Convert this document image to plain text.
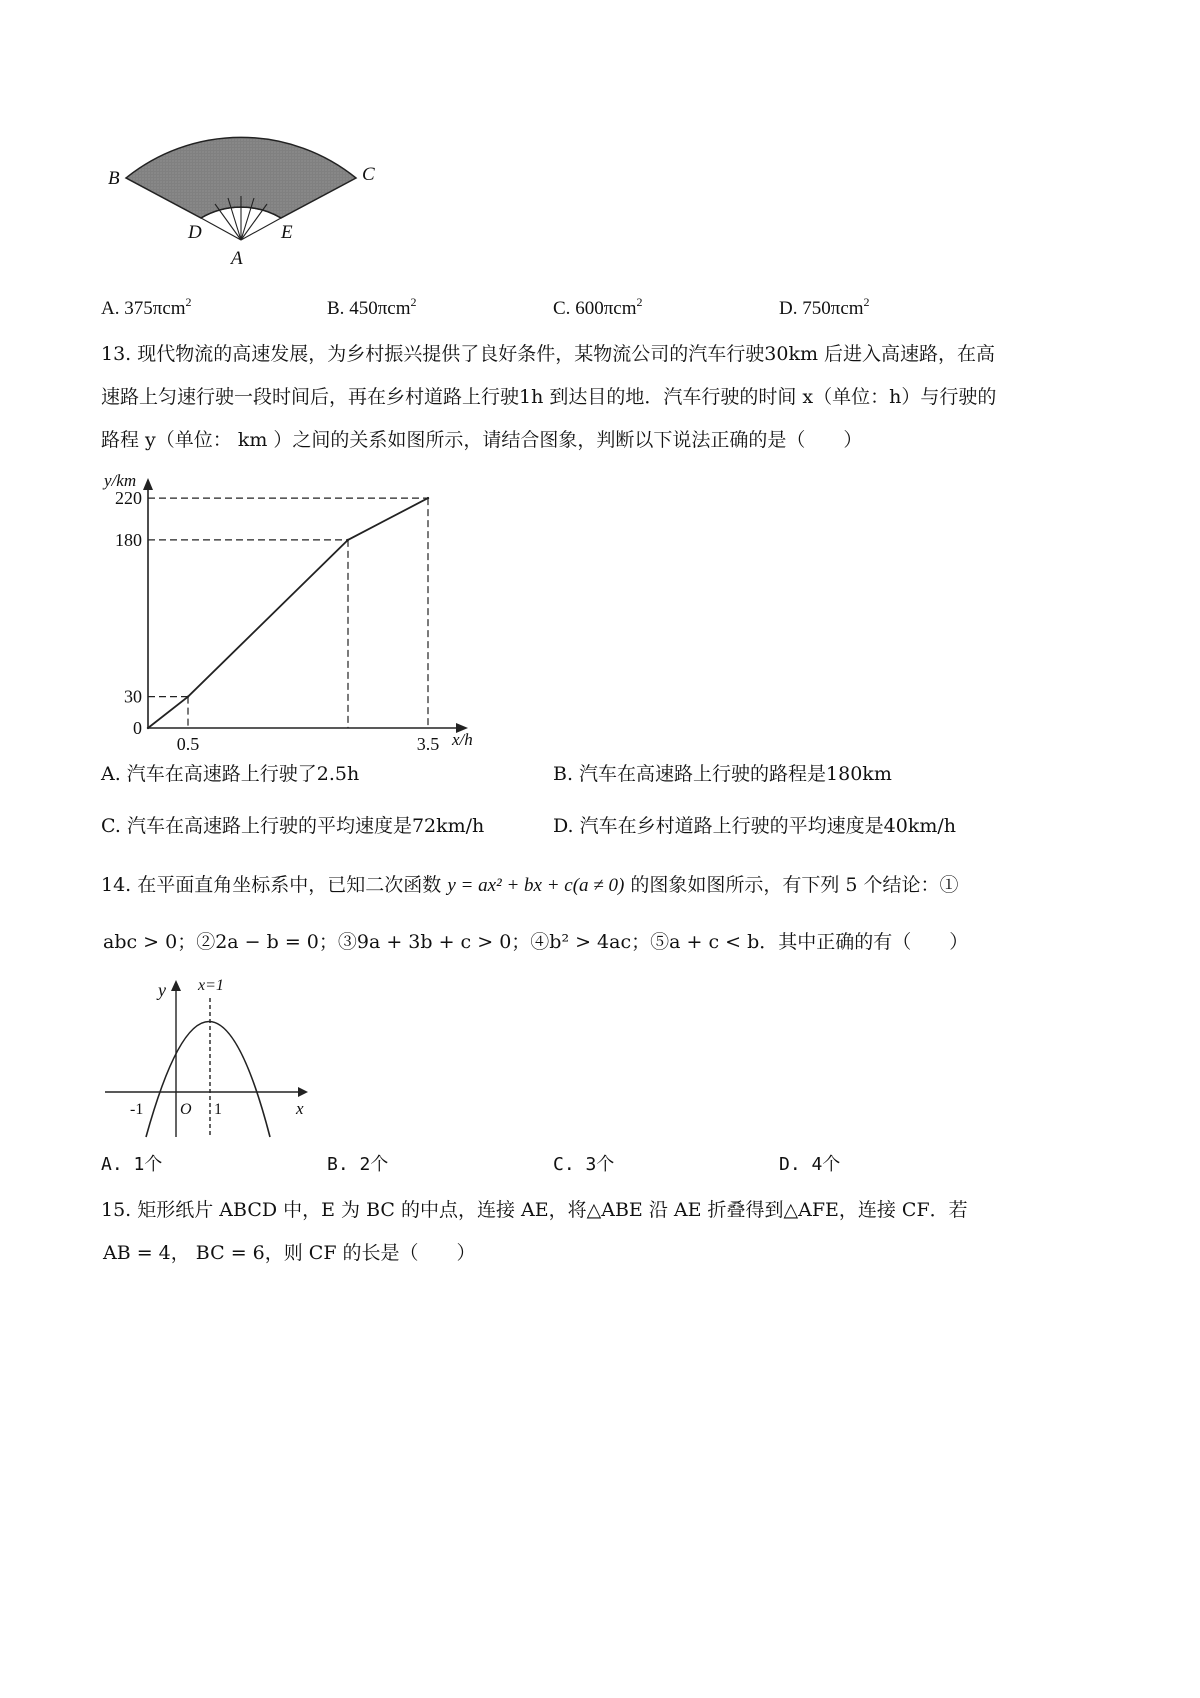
B	C
D	E
A
A. 375πcm$^2$	B. 450πcm$^2$	C. 600πcm$^2$	D. 750πcm$^2$
13. 现代物流的高速发展，为乡村振兴提供了良好条件，某物流公司的汽车行驶30km 后进入高速路，在高
速路上匀速行驶一段时间后，再在乡村道路上行驶1h 到达目的地．汽车行驶的时间 x（单位：h）与行驶的
路程 y（单位： km ）之间的关系如图所示，请结合图象，判断以下说法正确的是（　　）
220
180
30
0.5	3.5
0
x/h
y/km
A. 汽车在高速路上行驶了2.5h	B. 汽车在高速路上行驶的路程是180km
C. 汽车在高速路上行驶的平均速度是72km/h	D. 汽车在乡村道路上行驶的平均速度是40km/h
14. 在平面直角坐标系中，已知二次函数 y = ax² + bx + c(a ≠ 0) 的图象如图所示，有下列 5 个结论：①
abc > 0；②2a − b = 0；③9a + 3b + c > 0；④b² > 4ac；⑤a + c < b．其中正确的有（　　）
y x=1
-1 O 1	x
A. 1个	B. 2个	C. 3个	D. 4个
15. 矩形纸片 ABCD 中，E 为 BC 的中点，连接 AE，将△ABE 沿 AE 折叠得到△AFE，连接 CF．若
AB = 4， BC = 6，则 CF 的长是（　　）
